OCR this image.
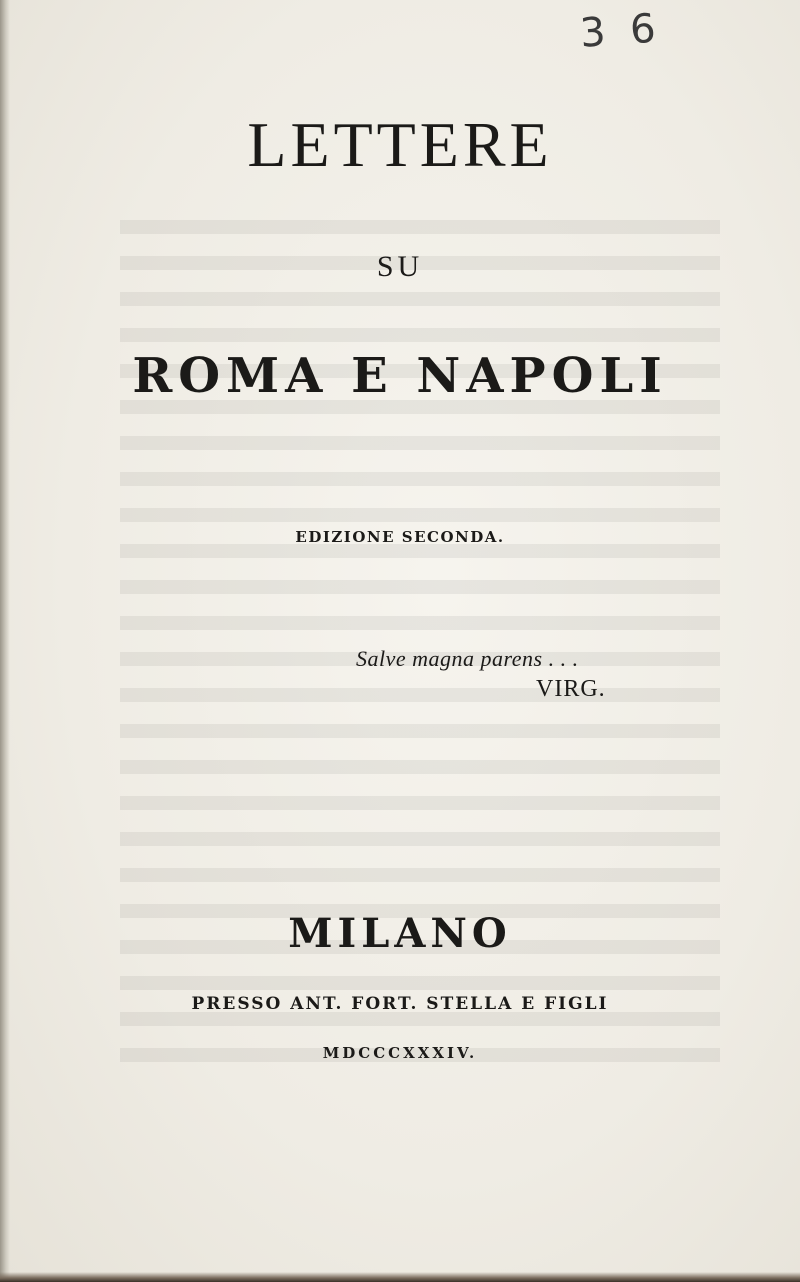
3 6
LETTERE
SU
ROMA E NAPOLI
EDIZIONE SECONDA.
Salve magna parens . . .
VIRG.
MILANO
PRESSO ANT. FORT. STELLA E FIGLI
MDCCCXXXIV.
